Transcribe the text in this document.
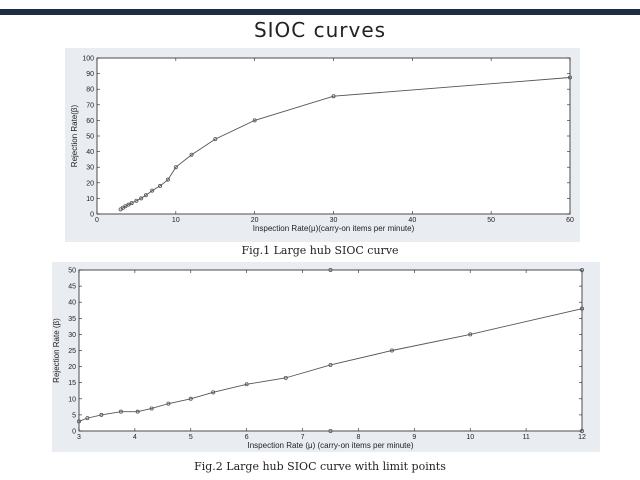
SIOC curves
0	10	20	30	40	50	60
0
10
20
30
40
50
60
70
80
90
100
Inspection Rate(μ)(carry-on items per minute)
Rejection Rate(β)
Fig.1 Large hub SIOC curve
3	4	5	6	7	8	9	10	11	12
0
5
10
15
20
25
30
35
40
45
50
Inspection Rate (μ) (carry-on items per minute)
Rejection Rate (β)
Fig.2 Large hub SIOC curve with limit points
